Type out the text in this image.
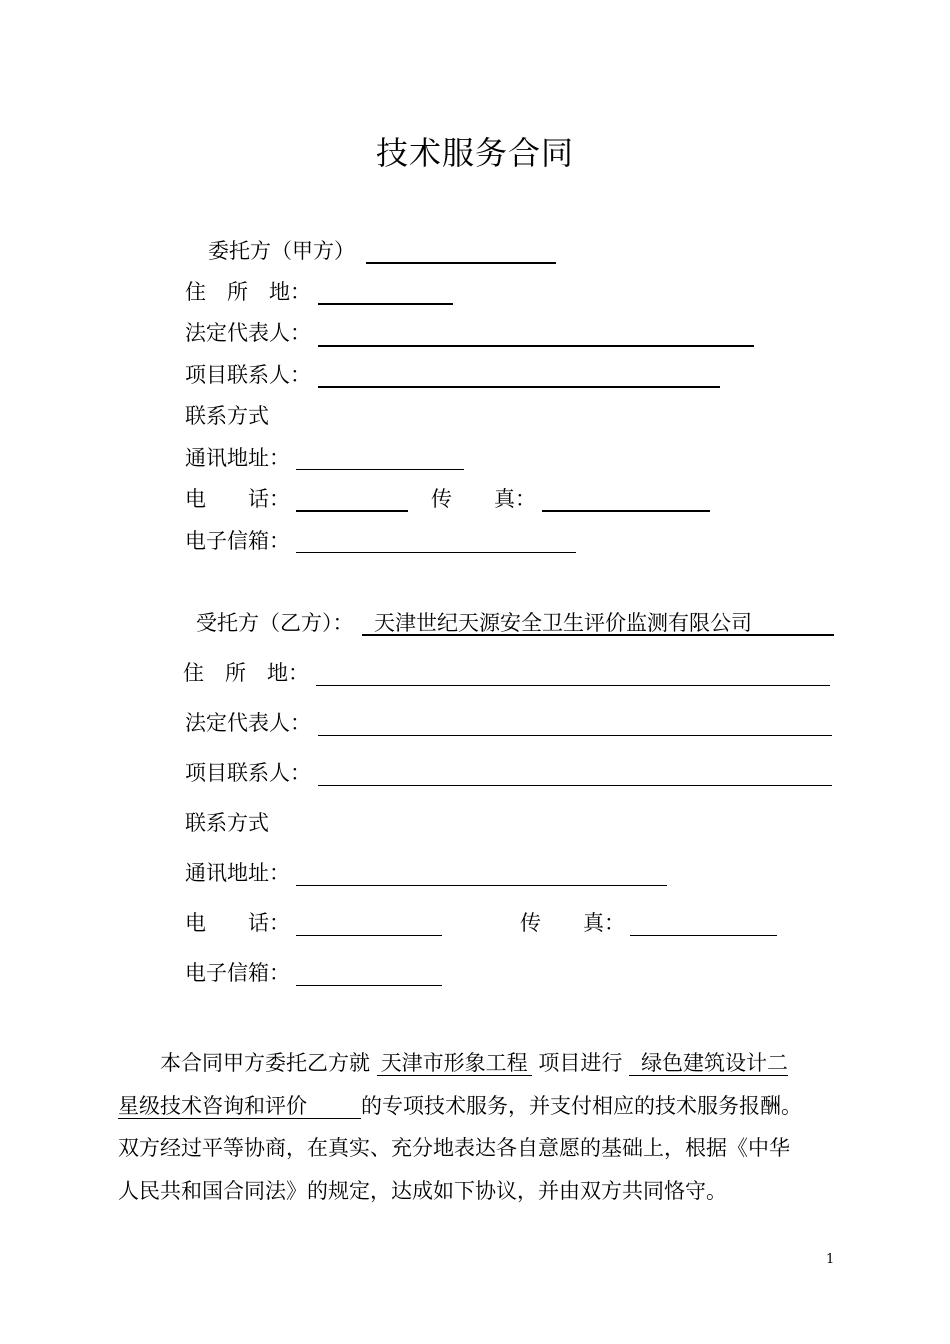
技术服务合同
委托方（甲方）
住　所　地：
法定代表人：
项目联系人：
联系方式
通讯地址：
电　　话：	传　　真：
电子信箱：
受托方（乙方）： 天津世纪天源安全卫生评价监测有限公司
住　所　地：
法定代表人：
项目联系人：
联系方式
通讯地址：
电　　话：	传　　真：
电子信箱：
本合同甲方委托乙方就 天津市形象工程 项目进行 绿色建筑设计二
星级技术咨询和评价	的专项技术服务，并支付相应的技术服务报酬。
双方经过平等协商，在真实、充分地表达各自意愿的基础上，根据《中华
人民共和国合同法》的规定，达成如下协议，并由双方共同恪守。
1
